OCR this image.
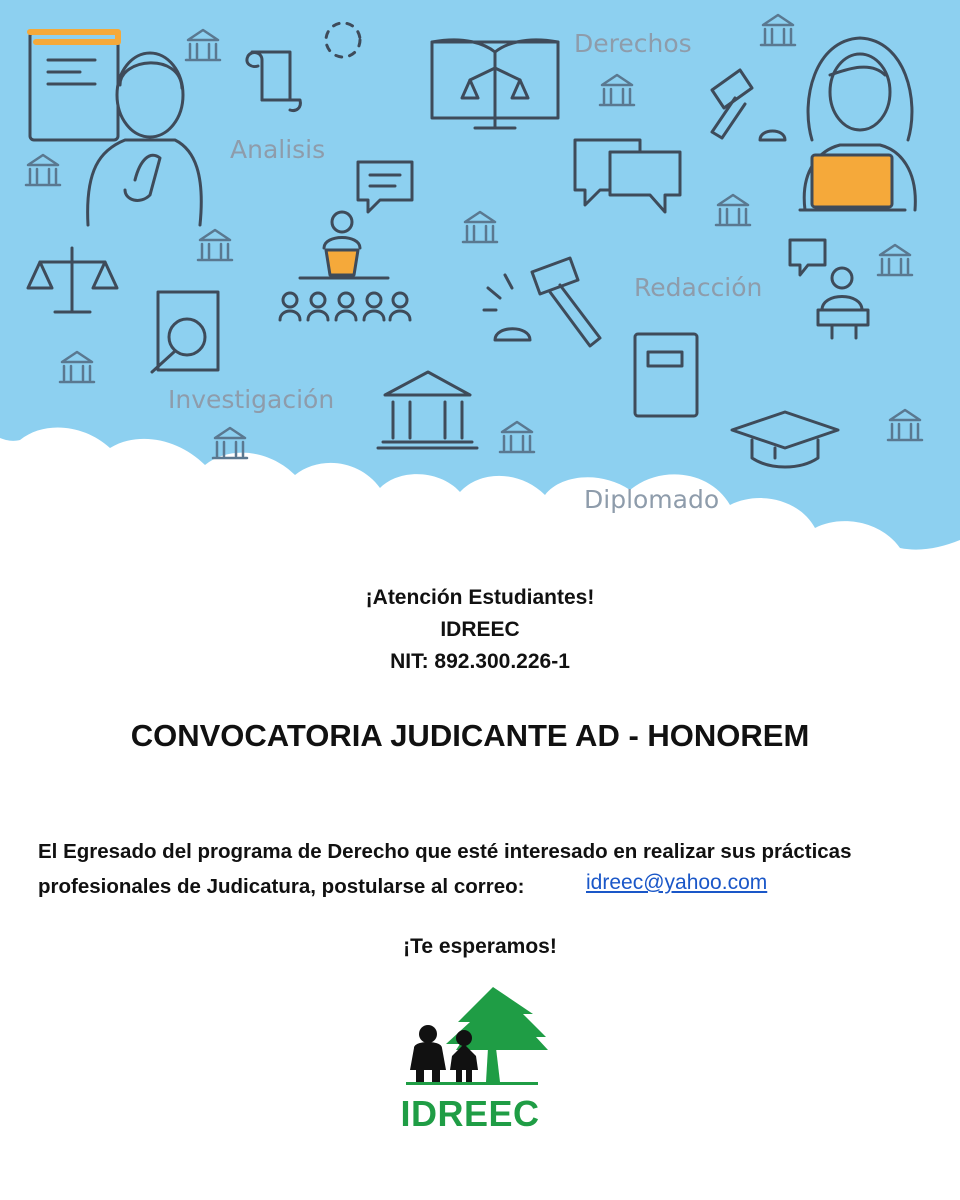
Derechos
Analisis
Redacción
Investigación
Diplomado

¡Atención Estudiantes!

IDREEC

NIT: 892.300.226-1

CONVOCATORIA JUDICANTE AD - HONOREM

El Egresado del programa de Derecho que esté interesado en realizar sus prácticas

profesionales de Judicatura, postularse al correo:	idreec@yahoo.com

¡Te esperamos!

IDREEC
